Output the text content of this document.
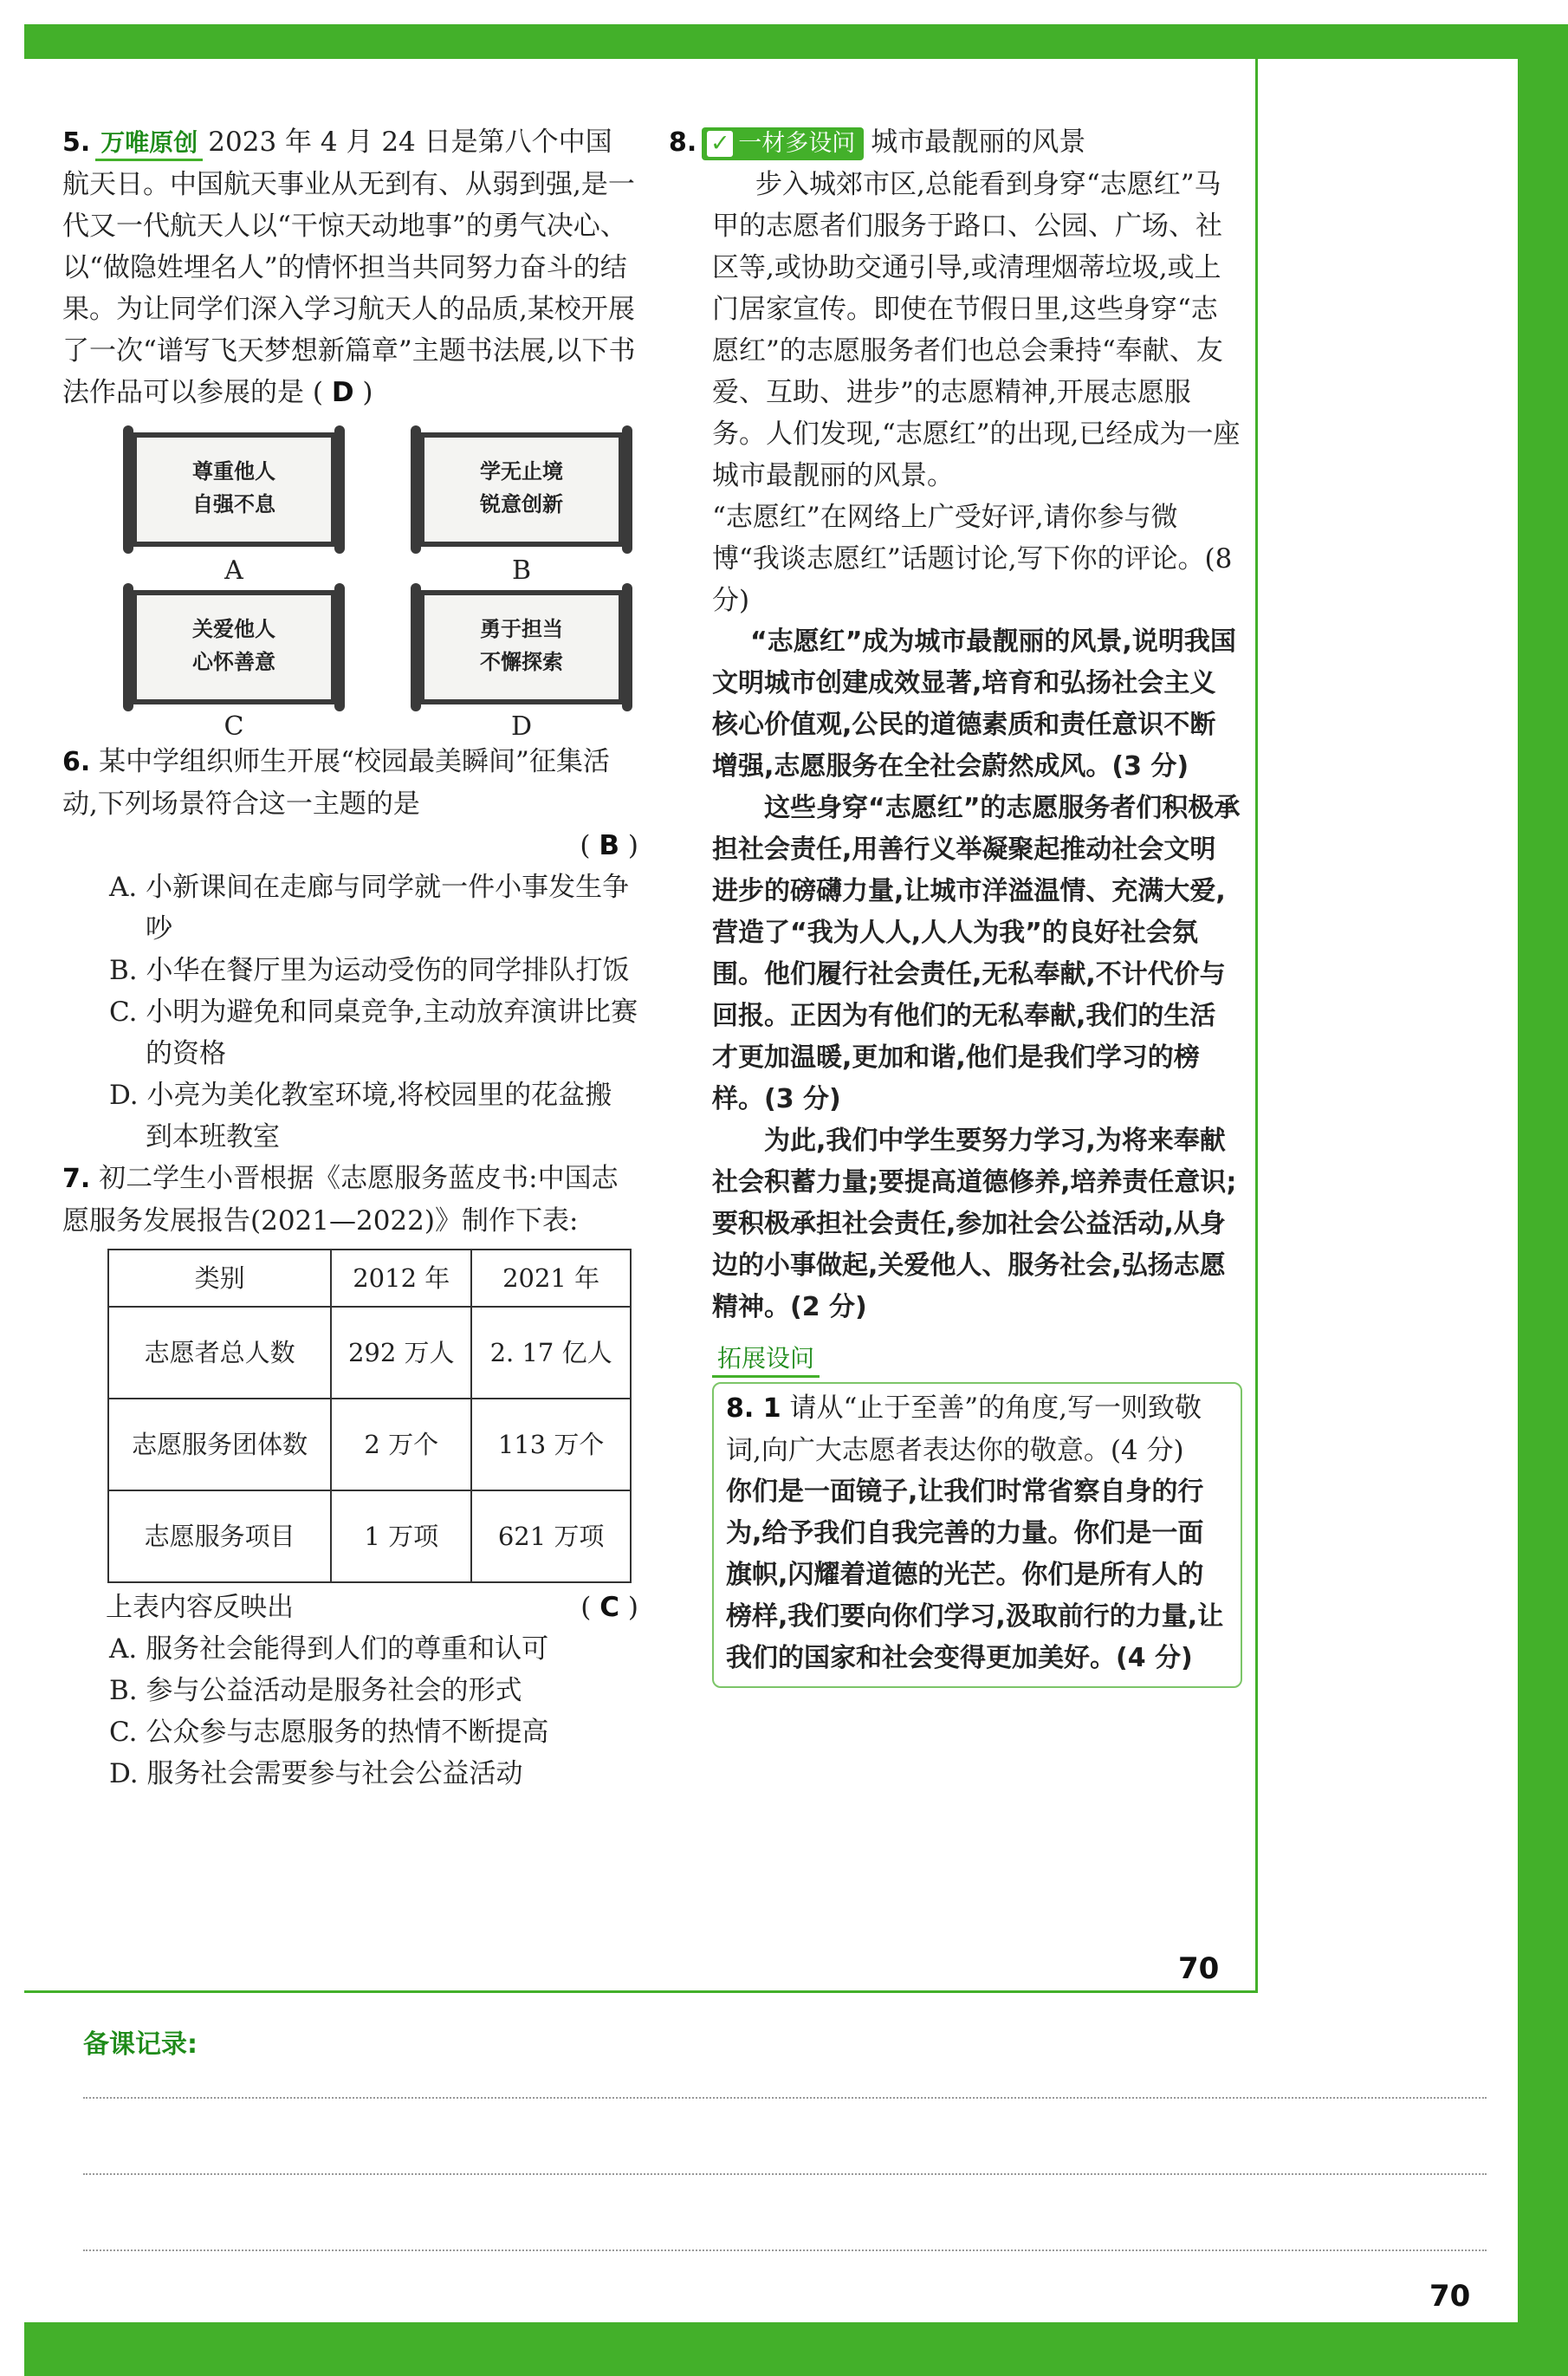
5. 万唯原创 2023 年 4 月 24 日是第八个中国航天日。中国航天事业从无到有、从弱到强,是一代又一代航天人以“干惊天动地事”的勇气决心、以“做隐姓埋名人”的情怀担当共同努力奋斗的结果。为让同学们深入学习航天人的品质,某校开展了一次“谱写飞天梦想新篇章”主题书法展,以下书法作品可以参展的是 ( D )
尊重他人
自强不息
A
学无止境
锐意创新
B
关爱他人
心怀善意
C
勇于担当
不懈探索
D
6. 某中学组织师生开展“校园最美瞬间”征集活动,下列场景符合这一主题的是
( B )
A. 小新课间在走廊与同学就一件小事发生争吵
B. 小华在餐厅里为运动受伤的同学排队打饭
C. 小明为避免和同桌竞争,主动放弃演讲比赛的资格
D. 小亮为美化教室环境,将校园里的花盆搬到本班教室
7. 初二学生小晋根据《志愿服务蓝皮书:中国志愿服务发展报告(2021—2022)》制作下表:
类别	2012 年	2021 年
志愿者总人数	292 万人	2. 17 亿人
志愿服务团体数	2 万个	113 万个
志愿服务项目	1 万项	621 万项
上表内容反映出	( C )
A. 服务社会能得到人们的尊重和认可
B. 参与公益活动是服务社会的形式
C. 公众参与志愿服务的热情不断提高
D. 服务社会需要参与社会公益活动
8. ✓ 一材多设问 城市最靓丽的风景
步入城郊市区,总能看到身穿“志愿红”马甲的志愿者们服务于路口、公园、广场、社区等,或协助交通引导,或清理烟蒂垃圾,或上门居家宣传。即使在节假日里,这些身穿“志愿红”的志愿服务者们也总会秉持“奉献、友爱、互助、进步”的志愿精神,开展志愿服务。人们发现,“志愿红”的出现,已经成为一座城市最靓丽的风景。
“志愿红”在网络上广受好评,请你参与微博“我谈志愿红”话题讨论,写下你的评论。(8 分)
“志愿红”成为城市最靓丽的风景,说明我国文明城市创建成效显著,培育和弘扬社会主义核心价值观,公民的道德素质和责任意识不断增强,志愿服务在全社会蔚然成风。(3 分)
这些身穿“志愿红”的志愿服务者们积极承担社会责任,用善行义举凝聚起推动社会文明进步的磅礴力量,让城市洋溢温情、充满大爱,营造了“我为人人,人人为我”的良好社会氛围。他们履行社会责任,无私奉献,不计代价与回报。正因为有他们的无私奉献,我们的生活才更加温暖,更加和谐,他们是我们学习的榜样。(3 分)
为此,我们中学生要努力学习,为将来奉献社会积蓄力量;要提高道德修养,培养责任意识;要积极承担社会责任,参加社会公益活动,从身边的小事做起,关爱他人、服务社会,弘扬志愿精神。(2 分)
拓展设问
8. 1 请从“止于至善”的角度,写一则致敬词,向广大志愿者表达你的敬意。(4 分)
你们是一面镜子,让我们时常省察自身的行为,给予我们自我完善的力量。你们是一面旗帜,闪耀着道德的光芒。你们是所有人的榜样,我们要向你们学习,汲取前行的力量,让我们的国家和社会变得更加美好。(4 分)
70
备课记录:
70
